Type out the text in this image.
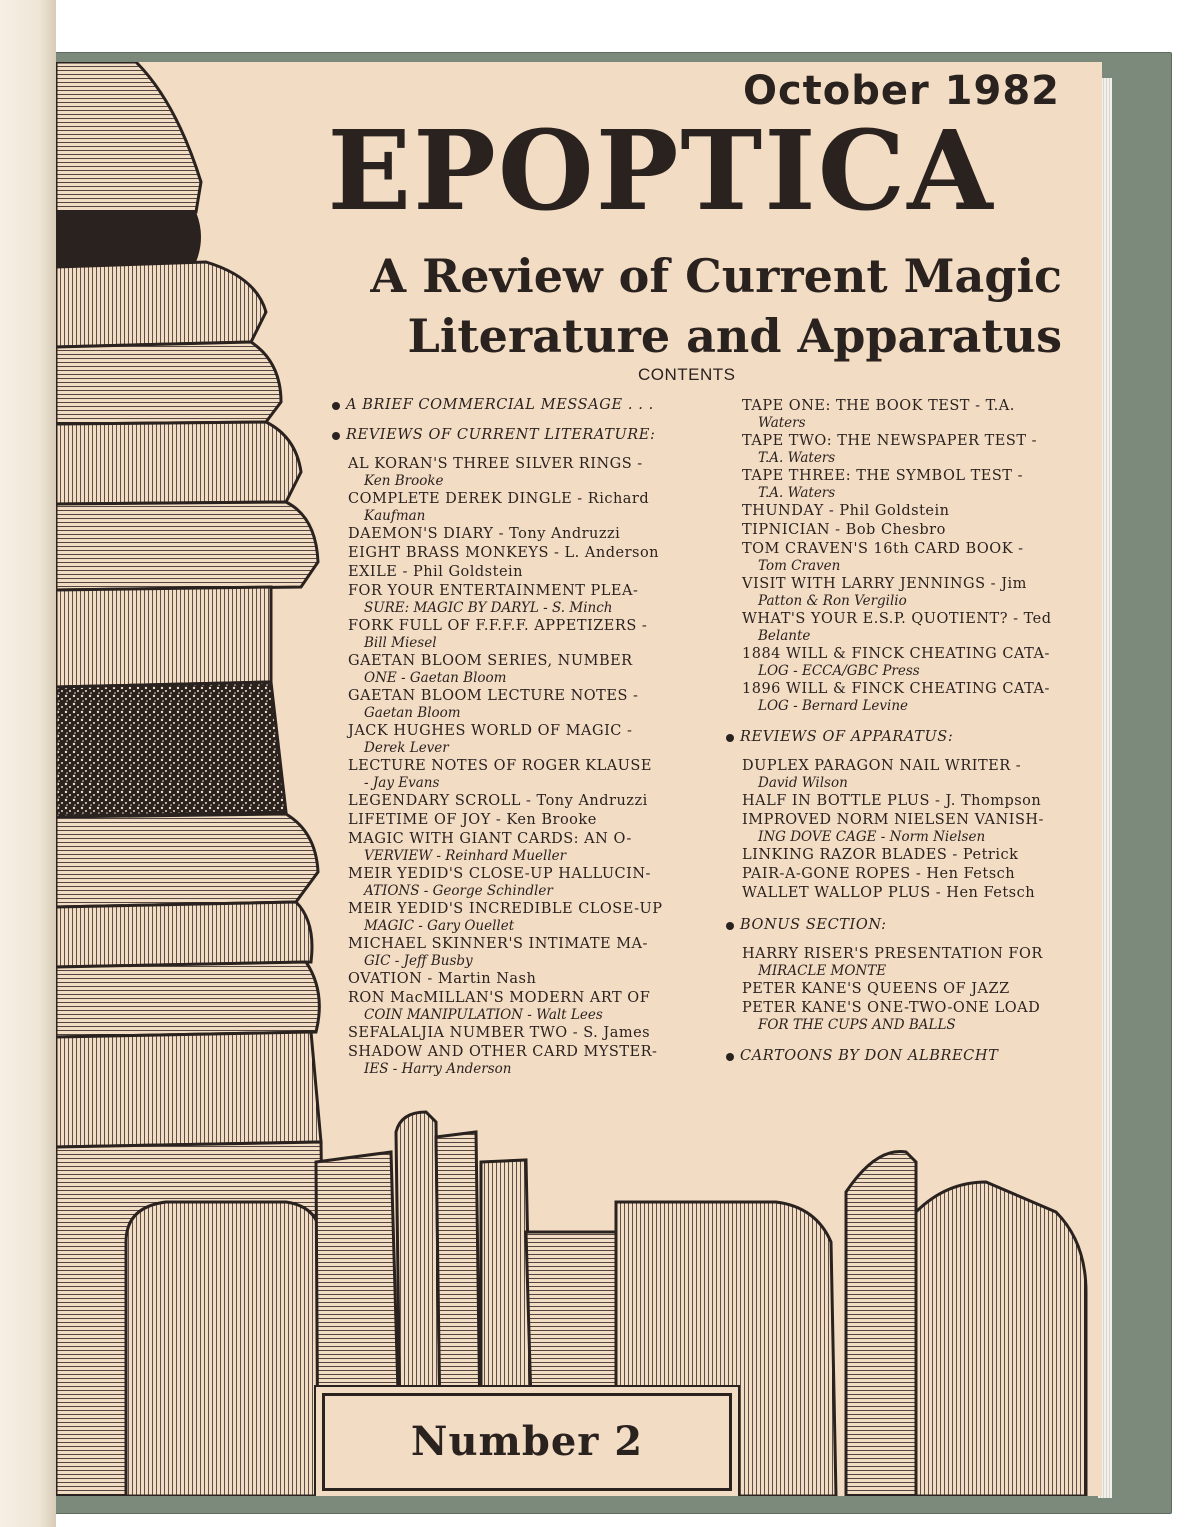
October 1982
EPOPTICA
A Review of Current Magic
Literature and Apparatus
CONTENTS
A BRIEF COMMERCIAL MESSAGE . . .
REVIEWS OF CURRENT LITERATURE:
AL KORAN'S THREE SILVER RINGS -
Ken Brooke
COMPLETE DEREK DINGLE - Richard
Kaufman
DAEMON'S DIARY - Tony Andruzzi
EIGHT BRASS MONKEYS - L. Anderson
EXILE - Phil Goldstein
FOR YOUR ENTERTAINMENT PLEA-
SURE: MAGIC BY DARYL - S. Minch
FORK FULL OF F.F.F.F. APPETIZERS -
Bill Miesel
GAETAN BLOOM SERIES, NUMBER
ONE - Gaetan Bloom
GAETAN BLOOM LECTURE NOTES -
Gaetan Bloom
JACK HUGHES WORLD OF MAGIC -
Derek Lever
LECTURE NOTES OF ROGER KLAUSE
- Jay Evans
LEGENDARY SCROLL - Tony Andruzzi
LIFETIME OF JOY - Ken Brooke
MAGIC WITH GIANT CARDS: AN O-
VERVIEW - Reinhard Mueller
MEIR YEDID'S CLOSE-UP HALLUCIN-
ATIONS - George Schindler
MEIR YEDID'S INCREDIBLE CLOSE-UP
MAGIC - Gary Ouellet
MICHAEL SKINNER'S INTIMATE MA-
GIC - Jeff Busby
OVATION - Martin Nash
RON MacMILLAN'S MODERN ART OF
COIN MANIPULATION - Walt Lees
SEFALALJIA NUMBER TWO - S. James
SHADOW AND OTHER CARD MYSTER-
IES - Harry Anderson
TAPE ONE: THE BOOK TEST - T.A.
Waters
TAPE TWO: THE NEWSPAPER TEST -
T.A. Waters
TAPE THREE: THE SYMBOL TEST -
T.A. Waters
THUNDAY - Phil Goldstein
TIPNICIAN - Bob Chesbro
TOM CRAVEN'S 16th CARD BOOK -
Tom Craven
VISIT WITH LARRY JENNINGS - Jim
Patton & Ron Vergilio
WHAT'S YOUR E.S.P. QUOTIENT? - Ted
Belante
1884 WILL & FINCK CHEATING CATA-
LOG - ECCA/GBC Press
1896 WILL & FINCK CHEATING CATA-
LOG - Bernard Levine
REVIEWS OF APPARATUS:
DUPLEX PARAGON NAIL WRITER -
David Wilson
HALF IN BOTTLE PLUS - J. Thompson
IMPROVED NORM NIELSEN VANISH-
ING DOVE CAGE - Norm Nielsen
LINKING RAZOR BLADES - Petrick
PAIR-A-GONE ROPES - Hen Fetsch
WALLET WALLOP PLUS - Hen Fetsch
BONUS SECTION:
HARRY RISER'S PRESENTATION FOR
MIRACLE MONTE
PETER KANE'S QUEENS OF JAZZ
PETER KANE'S ONE-TWO-ONE LOAD
FOR THE CUPS AND BALLS
CARTOONS BY DON ALBRECHT
Number 2
